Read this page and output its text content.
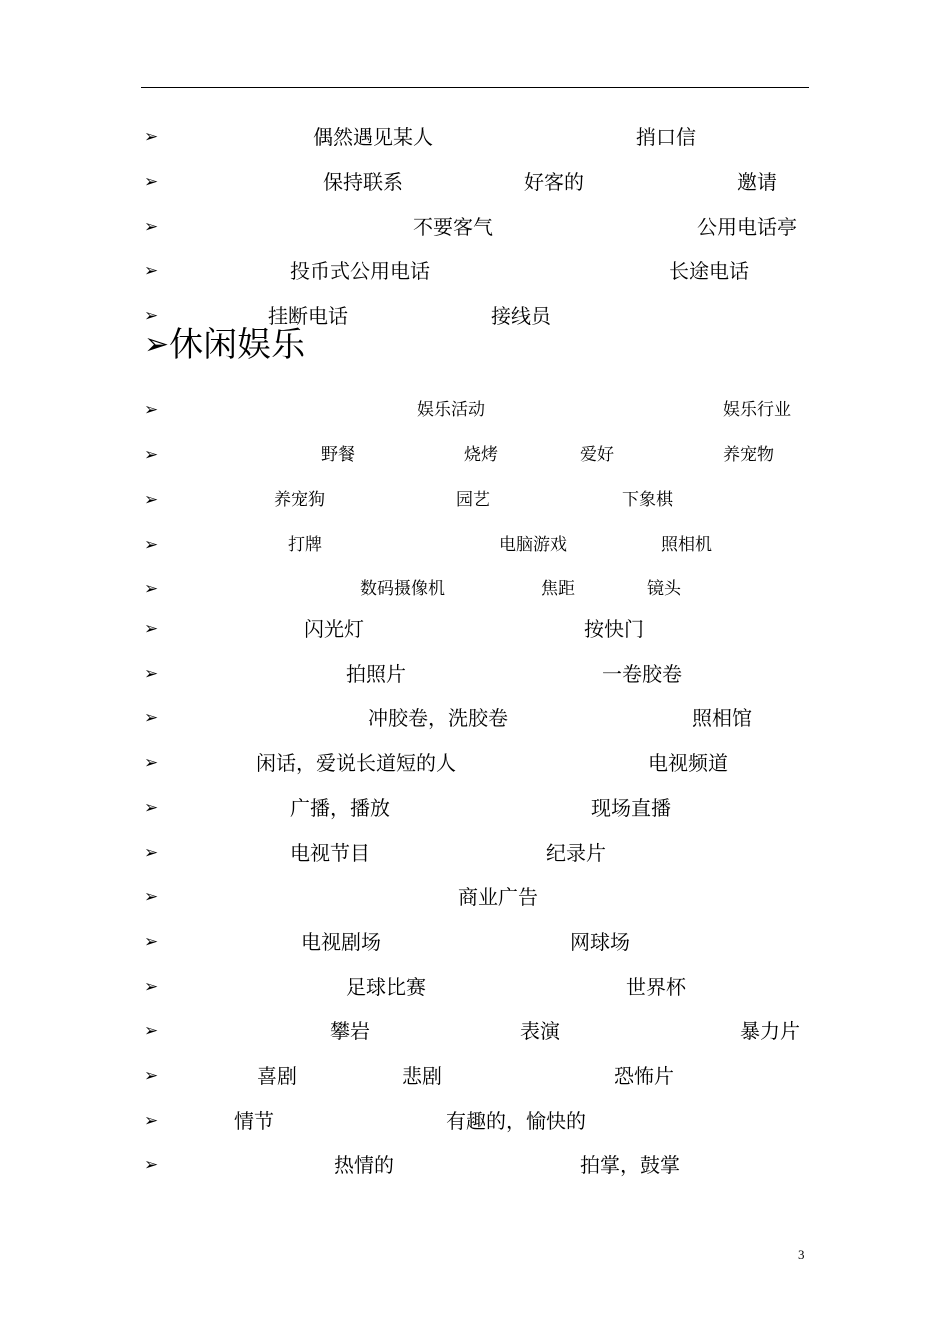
➢	偶然遇见某人	捎口信
➢	保持联系	好客的	邀请
➢	不要客气	公用电话亭
➢	投币式公用电话	长途电话
➢	挂断电话	接线员
➢休闲娱乐
➢	娱乐活动	娱乐行业
➢	野餐	烧烤	爱好	养宠物
➢	养宠狗	园艺	下象棋
➢	打牌	电脑游戏	照相机
➢	数码摄像机	焦距	镜头
➢	闪光灯	按快门
➢	拍照片	一卷胶卷
➢	冲胶卷，洗胶卷	照相馆
➢	闲话，爱说长道短的人	电视频道
➢	广播，播放	现场直播
➢	电视节目	纪录片
➢	商业广告
➢	电视剧场	网球场
➢	足球比赛	世界杯
➢	攀岩	表演	暴力片
➢	喜剧	悲剧	恐怖片
➢	情节	有趣的，愉快的
➢	热情的	拍掌，鼓掌
3
